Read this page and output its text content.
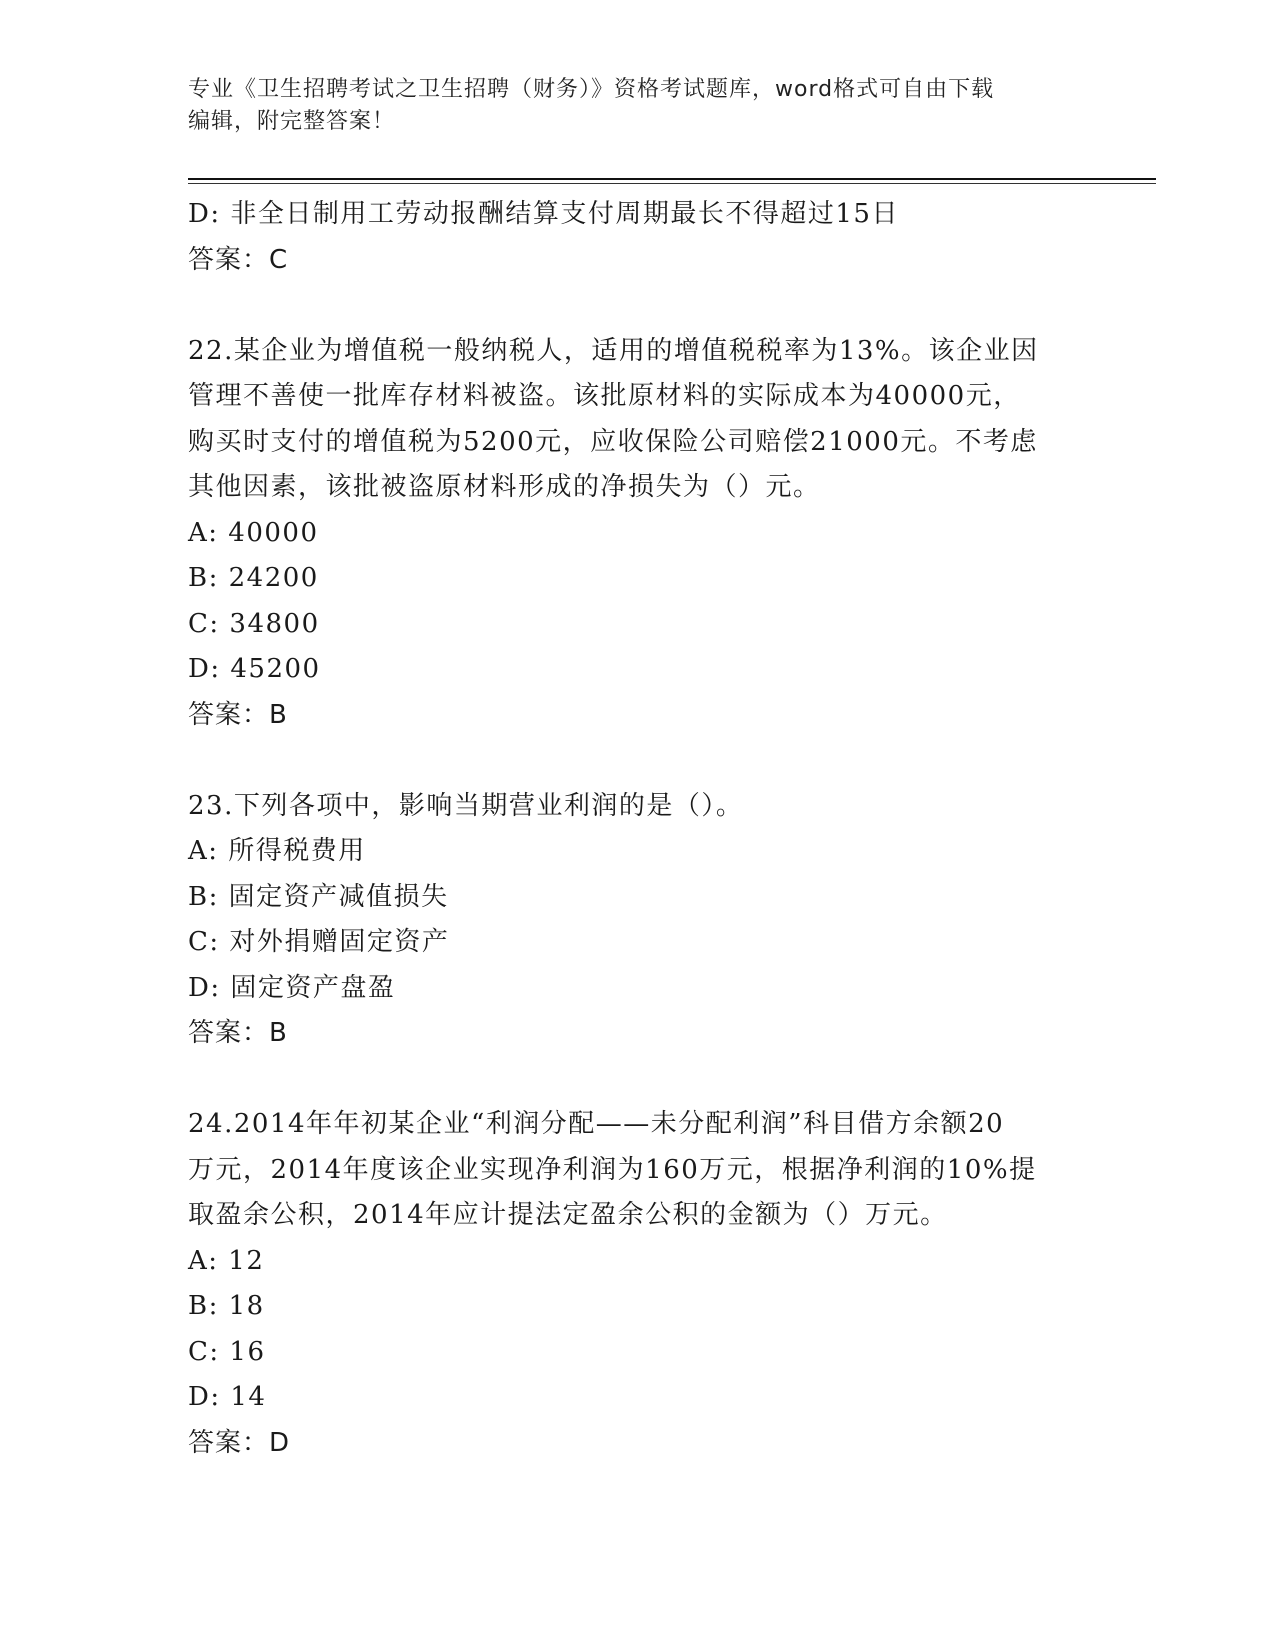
专业《卫生招聘考试之卫生招聘（财务）》资格考试题库，word格式可自由下载
编辑，附完整答案！
D: 非全日制用工劳动报酬结算支付周期最长不得超过15日
答案：C
22.某企业为增值税一般纳税人，适用的增值税税率为13%。该企业因
管理不善使一批库存材料被盗。该批原材料的实际成本为40000元，
购买时支付的增值税为5200元，应收保险公司赔偿21000元。不考虑
其他因素，该批被盗原材料形成的净损失为（）元。
A: 40000
B: 24200
C: 34800
D: 45200
答案：B
23.下列各项中，影响当期营业利润的是（）。
A: 所得税费用
B: 固定资产减值损失
C: 对外捐赠固定资产
D: 固定资产盘盈
答案：B
24.2014年年初某企业“利润分配——未分配利润”科目借方余额20
万元，2014年度该企业实现净利润为160万元，根据净利润的10%提
取盈余公积，2014年应计提法定盈余公积的金额为（）万元。
A: 12
B: 18
C: 16
D: 14
答案：D
